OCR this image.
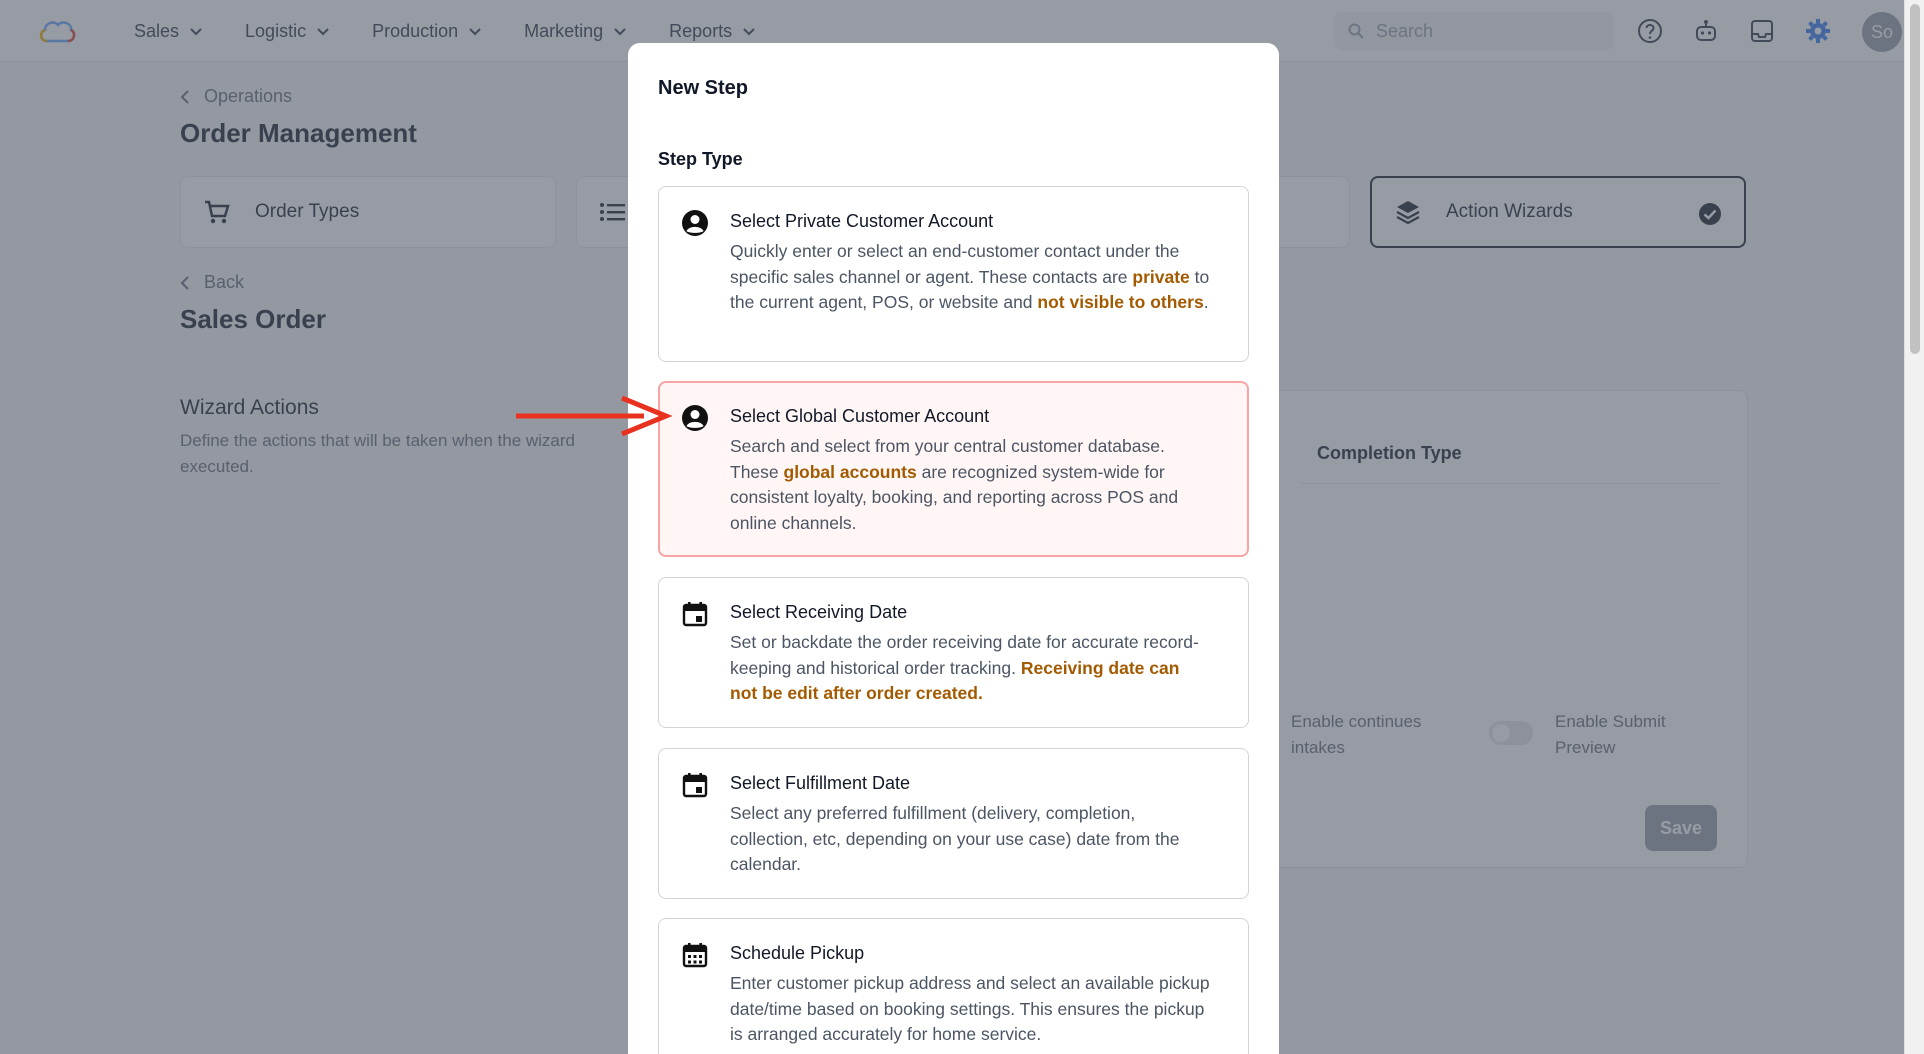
Search
New Step
Step Type
Select Private Customer Account
Quickly enter or select an end-customer contact under the specific sales channel or agent. These contacts are private to the current agent, POS, or website and not visible to others.
Select Global Customer Account
Search and select from your central customer database. These global accounts are recognized system-wide for consistent loyalty, booking, and reporting across POS and online channels.
Select Receiving Date
Set or backdate the order receiving date for accurate record-keeping and historical order tracking. Receiving date can not be edit after order created.
Select Fulfillment Date
Select any preferred fulfillment (delivery, completion, collection, etc, depending on your use case) date from the calendar.
Schedule Pickup
Enter customer pickup address and select an available pickup date/time based on booking settings. This ensures the pickup is arranged accurately for home service.
